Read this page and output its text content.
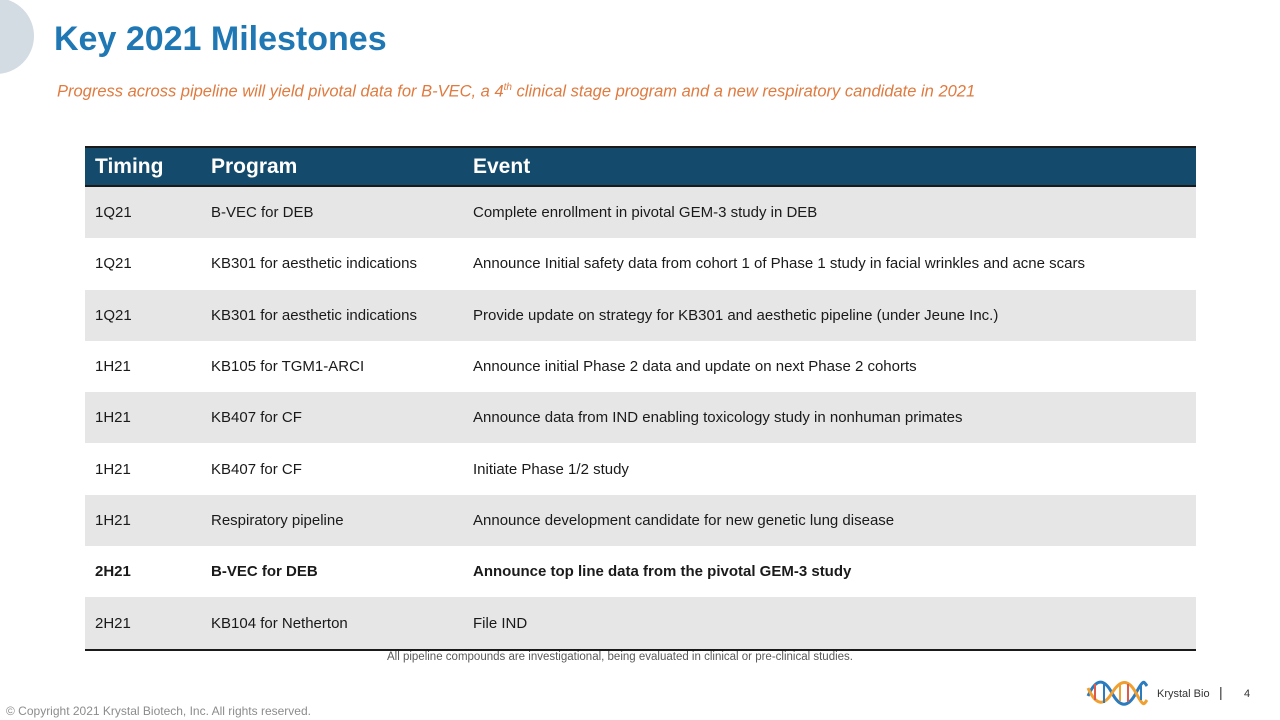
Key 2021 Milestones

Progress across pipeline will yield pivotal data for B-VEC, a 4th clinical stage program and a new respiratory candidate in 2021

Timing	Program	Event
1Q21	B-VEC for DEB	Complete enrollment in pivotal GEM-3 study in DEB
1Q21	KB301 for aesthetic indications	Announce Initial safety data from cohort 1 of Phase 1 study in facial wrinkles and acne scars
1Q21	KB301 for aesthetic indications	Provide update on strategy for KB301 and aesthetic pipeline (under Jeune Inc.)
1H21	KB105 for TGM1-ARCI	Announce initial Phase 2 data and update on next Phase 2 cohorts
1H21	KB407 for CF	Announce data from IND enabling toxicology study in nonhuman primates
1H21	KB407 for CF	Initiate Phase 1/2 study
1H21	Respiratory pipeline	Announce development candidate for new genetic lung disease
2H21	B-VEC for DEB	Announce top line data from the pivotal GEM-3 study
2H21	KB104 for Netherton	File IND
All pipeline compounds are investigational, being evaluated in clinical or pre-clinical studies.
© Copyright 2021 Krystal Biotech, Inc. All rights reserved.
Krystal Bio | 4
